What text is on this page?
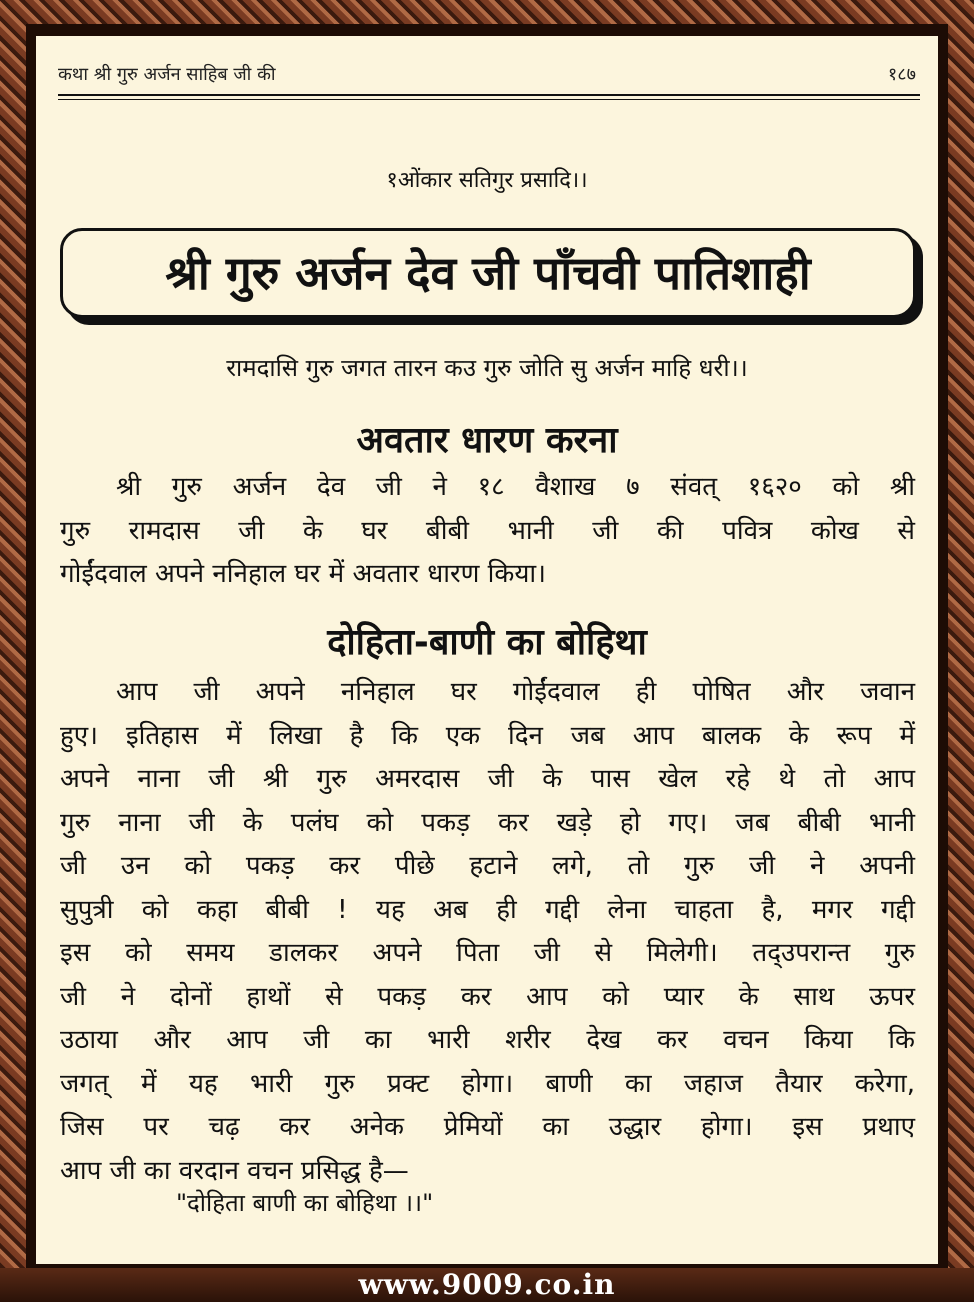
कथा श्री गुरु अर्जन साहिब जी की	१८७
१ओंकार सतिगुर प्रसादि।।
श्री गुरु अर्जन देव जी पाँचवी पातिशाही
रामदासि गुरु जगत तारन कउ गुरु जोति सु अर्जन माहि धरी।।
अवतार धारण करना
श्री गुरु अर्जन देव जी ने १८ वैशाख ७ संवत् १६२० को श्री
गुरु रामदास जी के घर बीबी भानी जी की पवित्र कोख से
गोईंदवाल अपने ननिहाल घर में अवतार धारण किया।
दोहिता-बाणी का बोहिथा
आप जी अपने ननिहाल घर गोईंदवाल ही पोषित और जवान
हुए। इतिहास में लिखा है कि एक दिन जब आप बालक के रूप में
अपने नाना जी श्री गुरु अमरदास जी के पास खेल रहे थे तो आप
गुरु नाना जी के पलंघ को पकड़ कर खड़े हो गए। जब बीबी भानी
जी उन को पकड़ कर पीछे हटाने लगे, तो गुरु जी ने अपनी
सुपुत्री को कहा बीबी ! यह अब ही गद्दी लेना चाहता है, मगर गद्दी
इस को समय डालकर अपने पिता जी से मिलेगी। तद्उपरान्त गुरु
जी ने दोनों हाथों से पकड़ कर आप को प्यार के साथ ऊपर
उठाया और आप जी का भारी शरीर देख कर वचन किया कि
जगत् में यह भारी गुरु प्रक्ट होगा। बाणी का जहाज तैयार करेगा,
जिस पर चढ़ कर अनेक प्रेमियों का उद्धार होगा। इस प्रथाए
आप जी का वरदान वचन प्रसिद्ध है—
"दोहिता बाणी का बोहिथा ।।"
www.9009.co.in
